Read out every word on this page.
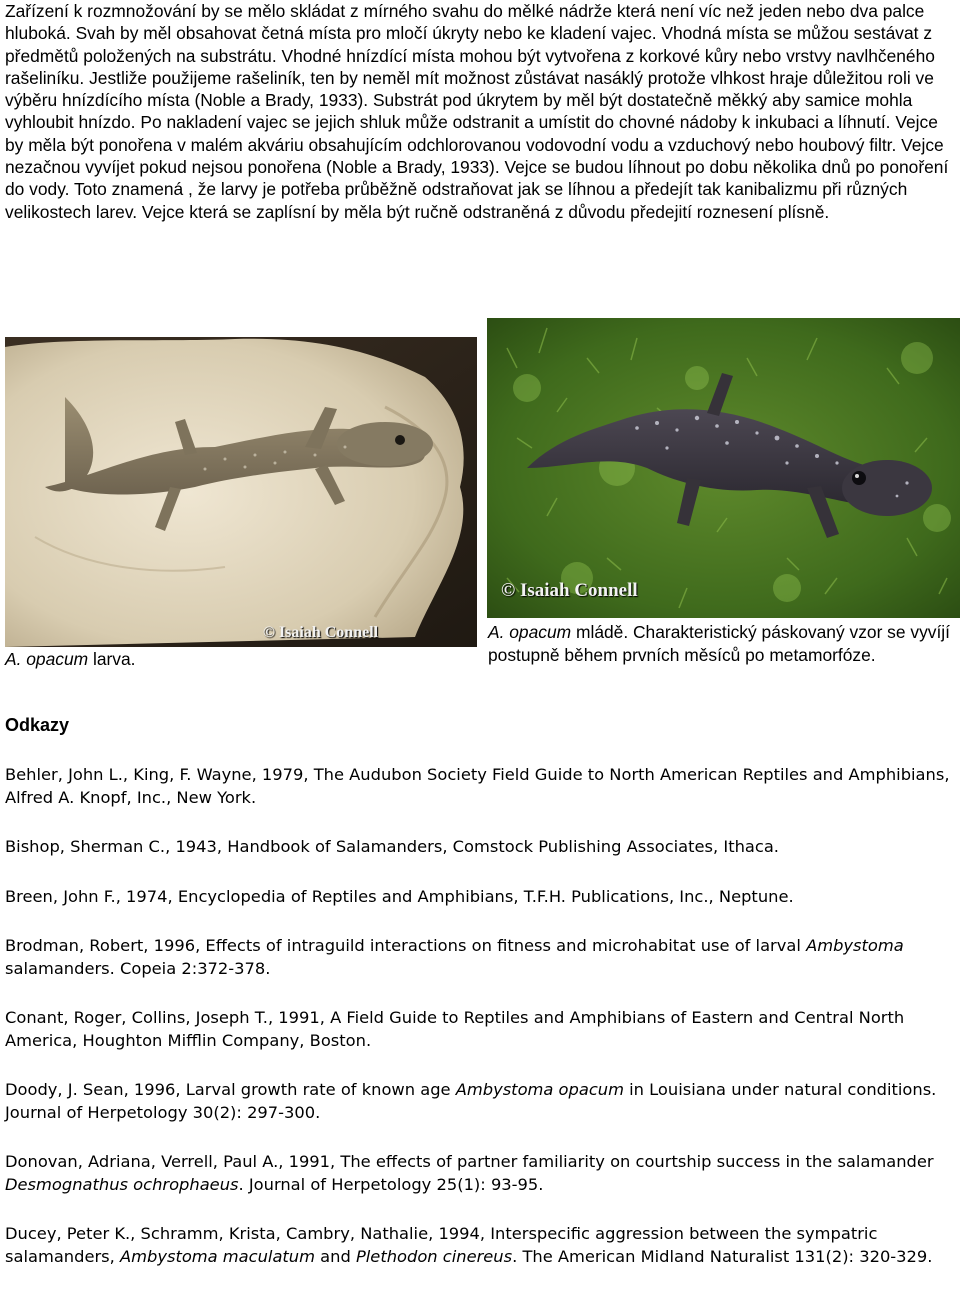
Zařízení k rozmnožování by se mělo skládat z mírného svahu do mělké nádrže která není víc než jeden nebo dva palce hluboká. Svah by měl obsahovat četná místa pro mločí úkryty nebo ke kladení vajec. Vhodná místa se můžou sestávat z předmětů položených na substrátu. Vhodné hnízdící místa mohou být vytvořena z korkové kůry nebo vrstvy navlhčeného rašeliníku. Jestliže použijeme rašeliník, ten by neměl mít možnost zůstávat nasáklý protože vlhkost hraje důležitou roli ve výběru hnízdícího místa (Noble a Brady, 1933). Substrát pod úkrytem by měl být dostatečně měkký aby samice mohla vyhloubit hnízdo. Po nakladení vajec se jejich shluk může odstranit a umístit do chovné nádoby k inkubaci a líhnutí. Vejce by měla být ponořena v malém akváriu obsahujícím odchlorovanou vodovodní vodu a vzduchový nebo houbový filtr. Vejce nezačnou vyvíjet pokud nejsou ponořena (Noble a Brady, 1933). Vejce se budou líhnout po dobu několika dnů po ponoření do vody. Toto znamená , že larvy je potřeba průběžně odstraňovat jak se líhnou a předejít tak kanibalizmu při různých velikostech larev. Vejce která se zaplísní by měla být ručně odstraněná z důvodu předejití roznesení plísně.

© Isaiah Connell
© Isaiah Connell

A. opacum larva.

A. opacum mládě. Charakteristický páskovaný vzor se vyvíjí postupně během prvních měsíců po metamorfóze.

Odkazy

Behler, John L., King, F. Wayne, 1979, The Audubon Society Field Guide to North American Reptiles and Amphibians, Alfred A. Knopf, Inc., New York.

Bishop, Sherman C., 1943, Handbook of Salamanders, Comstock Publishing Associates, Ithaca.

Breen, John F., 1974, Encyclopedia of Reptiles and Amphibians, T.F.H. Publications, Inc., Neptune.

Brodman, Robert, 1996, Effects of intraguild interactions on fitness and microhabitat use of larval Ambystoma salamanders. Copeia 2:372-378.

Conant, Roger, Collins, Joseph T., 1991, A Field Guide to Reptiles and Amphibians of Eastern and Central North America, Houghton Mifflin Company, Boston.

Doody, J. Sean, 1996, Larval growth rate of known age Ambystoma opacum in Louisiana under natural conditions. Journal of Herpetology 30(2): 297-300.

Donovan, Adriana, Verrell, Paul A., 1991, The effects of partner familiarity on courtship success in the salamander Desmognathus ochrophaeus. Journal of Herpetology 25(1): 93-95.

Ducey, Peter K., Schramm, Krista, Cambry, Nathalie, 1994, Interspecific aggression between the sympatric salamanders, Ambystoma maculatum and Plethodon cinereus. The American Midland Naturalist 131(2): 320-329.
